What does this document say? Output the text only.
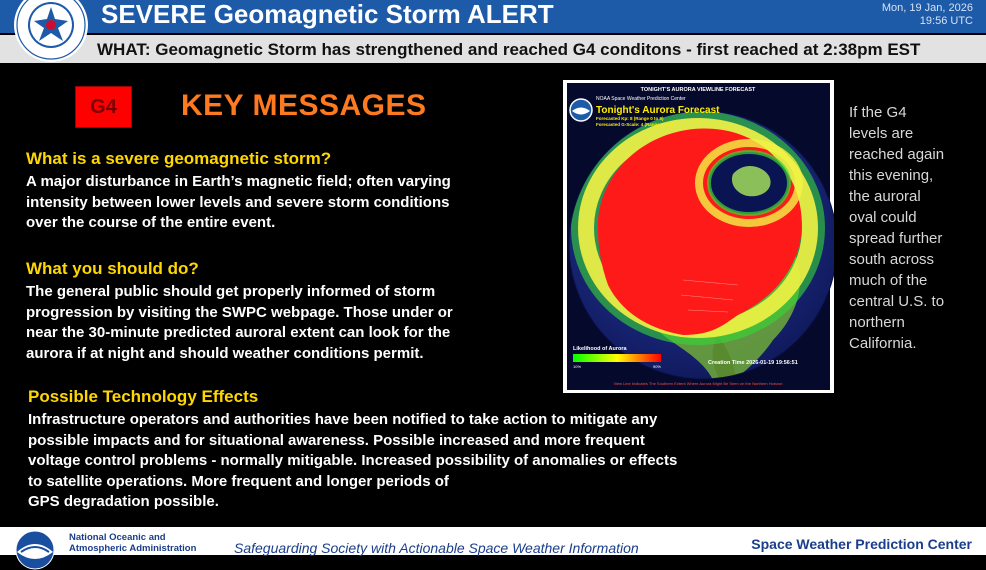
SEVERE Geomagnetic Storm ALERT	Mon, 19 Jan, 2026
19:56 UTC
WHAT: Geomagnetic Storm has strengthened and reached G4 conditons - first reached at 2:38pm EST
G4	KEY MESSAGES
What is a severe geomagnetic storm?
A major disturbance in Earth’s magnetic field; often varying
intensity between lower levels and severe storm conditions
over the course of the entire event.
What you should do?
The general public should get properly informed of storm
progression by visiting the SWPC webpage. Those under or
near the 30-minute predicted auroral extent can look for the
aurora if at night and should weather conditions permit.
Possible Technology Effects
Infrastructure operators and authorities have been notified to take action to mitigate any
possible impacts and for situational awareness. Possible increased and more frequent
voltage control problems - normally mitigable. Increased possibility of anomalies or effects
to satellite operations. More frequent and longer periods of
GPS degradation possible.
TONIGHT'S AURORA VIEWLINE FORECAST
NOAA Space Weather Prediction Center
Tonight's Aurora Forecast
Forecasted Kp: 8 (Range 0 to 9)
Forecasted G-Scale: 4 (Range 0 to 5)
Likelihood of Aurora
10%	90%
Creation Time 2026-01-19 19:56:51
View Line Indicates The Southern Extent Where Aurora Might Be Seen on the Northern Horizon
If the G4
levels are
reached again
this evening,
the auroral
oval could
spread further
south across
much of the
central U.S. to
northern
California.
National Oceanic and
Atmospheric Administration	Safeguarding Society with Actionable Space Weather Information	Space Weather Prediction Center
